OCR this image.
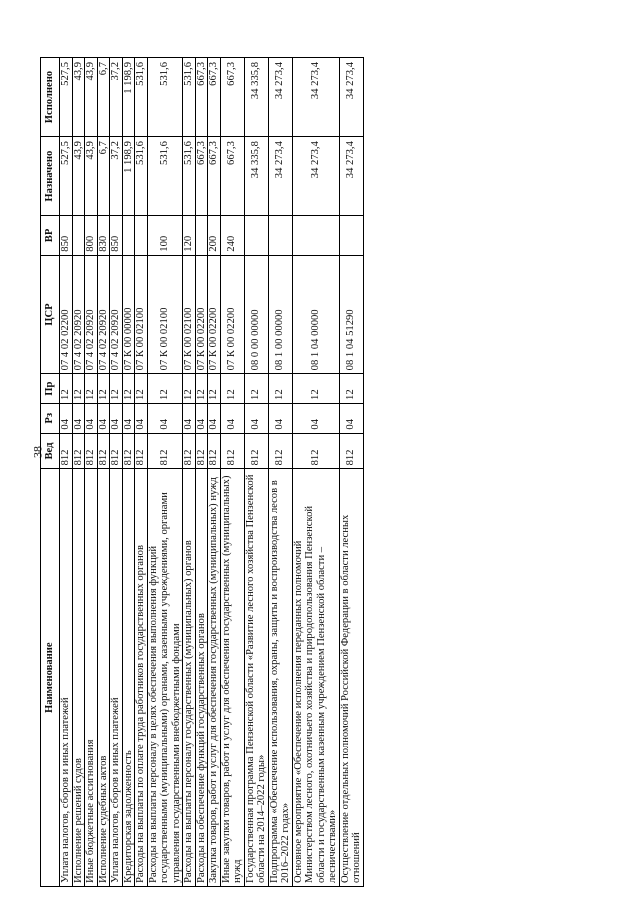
38
Наименование	Вед	Рз	Пр	ЦСР	ВР	Назначено	Исполнено
Уплата налогов, сборов и иных платежей	812	04	12	07 4 02 02200	850	527,5	527,5
Исполнение решений судов	812	04	12	07 4 02 20920		43,9	43,9
Иные бюджетные ассигнования	812	04	12	07 4 02 20920	800	43,9	43,9
Исполнение судебных актов	812	04	12	07 4 02 20920	830	6,7	6,7
Уплата налогов, сборов и иных платежей	812	04	12	07 4 02 20920	850	37,2	37,2
Кредиторская задолженность	812	04	12	07 К 00 00000		1 198,9	1 198,9
Расходы на выплаты по оплате труда работников государственных органов	812	04	12	07 К 00 02100		531,6	531,6
Расходы на выплаты персоналу в целях обеспечения выполнения функций государственными (муниципальными) органами, казенными учреждениями, органами управления государственными внебюджетными фондами	812	04	12	07 К 00 02100	100	531,6	531,6
Расходы на выплаты персоналу государственных (муниципальных) органов	812	04	12	07 К 00 02100	120	531,6	531,6
Расходы на обеспечение функций государственных органов	812	04	12	07 К 00 02200		667,3	667,3
Закупка товаров, работ и услуг для обеспечения государственных (муниципальных) нужд	812	04	12	07 К 00 02200	200	667,3	667,3
Иные закупки товаров, работ и услуг для обеспечения государственных (муниципальных) нужд	812	04	12	07 К 00 02200	240	667,3	667,3
Государственная программа Пензенской области «Развитие лесного хозяйства Пензенской области на 2014–2022 годы»	812	04	12	08 0 00 00000		34 335,8	34 335,8
Подпрограмма «Обеспечение использования, охраны, защиты и воспроизводства лесов в 2016–2022 годах»	812	04	12	08 1 00 00000		34 273,4	34 273,4
Основное мероприятие «Обеспечение исполнения переданных полномочий Министерством лесного, охотничьего хозяйства и природопользования Пензенской области и государственным казенным учреждением Пензенской области – лесничествами»	812	04	12	08 1 04 00000		34 273,4	34 273,4
Осуществление отдельных полномочий Российской Федерации в области лесных отношений	812	04	12	08 1 04 51290		34 273,4	34 273,4
